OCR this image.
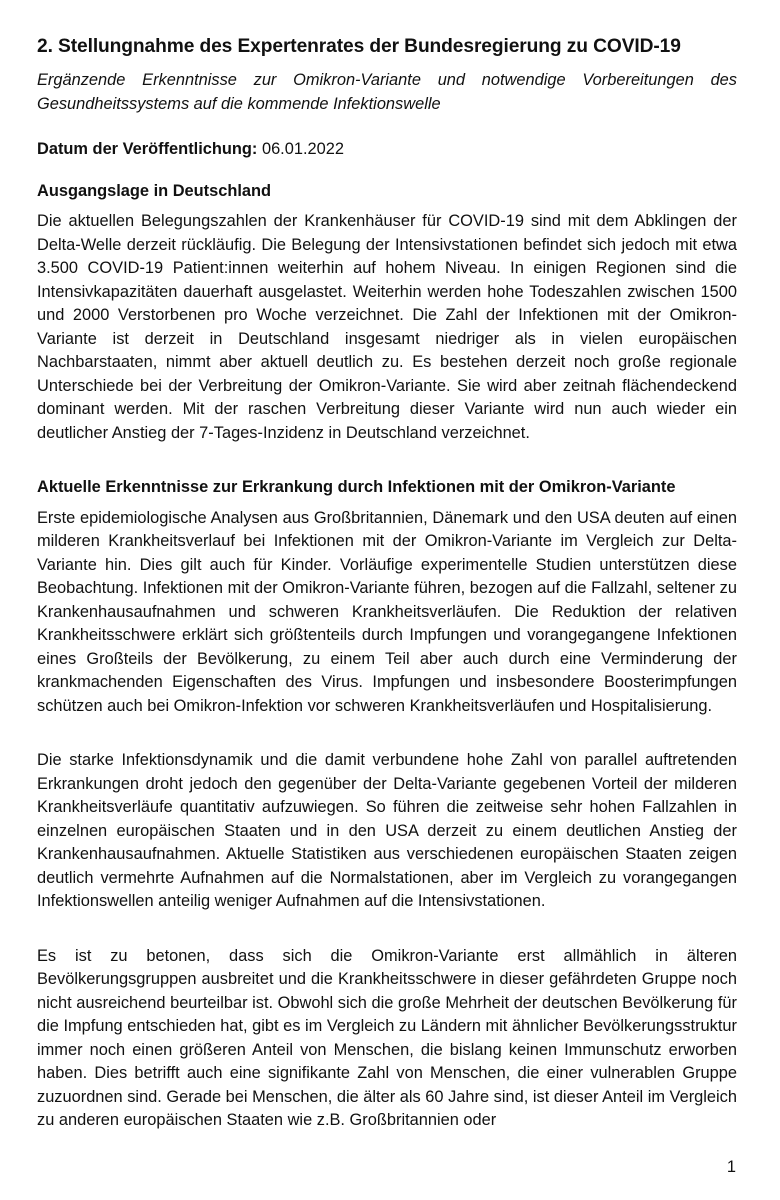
2. Stellungnahme des Expertenrates der Bundesregierung zu COVID-19
Ergänzende Erkenntnisse zur Omikron-Variante und notwendige Vorbereitungen des Gesundheitssystems auf die kommende Infektionswelle
Datum der Veröffentlichung: 06.01.2022
Ausgangslage in Deutschland

Die aktuellen Belegungszahlen der Krankenhäuser für COVID-19 sind mit dem Abklingen der Delta-Welle derzeit rückläufig. Die Belegung der Intensivstationen befindet sich jedoch mit etwa 3.500 COVID-19 Patient:innen weiterhin auf hohem Niveau. In einigen Regionen sind die Intensivkapazitäten dauerhaft ausgelastet. Weiterhin werden hohe Todeszahlen zwischen 1500 und 2000 Verstorbenen pro Woche verzeichnet. Die Zahl der Infektionen mit der Omikron-Variante ist derzeit in Deutschland insgesamt niedriger als in vielen europäischen Nachbarstaaten, nimmt aber aktuell deutlich zu. Es bestehen derzeit noch große regionale Unterschiede bei der Verbreitung der Omikron-Variante. Sie wird aber zeitnah flächendeckend dominant werden. Mit der raschen Verbreitung dieser Variante wird nun auch wieder ein deutlicher Anstieg der 7-Tages-Inzidenz in Deutschland verzeichnet.

Aktuelle Erkenntnisse zur Erkrankung durch Infektionen mit der Omikron-Variante

Erste epidemiologische Analysen aus Großbritannien, Dänemark und den USA deuten auf einen milderen Krankheitsverlauf bei Infektionen mit der Omikron-Variante im Vergleich zur Delta-Variante hin. Dies gilt auch für Kinder. Vorläufige experimentelle Studien unterstützen diese Beobachtung. Infektionen mit der Omikron-Variante führen, bezogen auf die Fallzahl, seltener zu Krankenhausaufnahmen und schweren Krankheitsverläufen. Die Reduktion der relativen Krankheitsschwere erklärt sich größtenteils durch Impfungen und vorangegangene Infektionen eines Großteils der Bevölkerung, zu einem Teil aber auch durch eine Verminderung der krankmachenden Eigenschaften des Virus. Impfungen und insbesondere Boosterimpfungen schützen auch bei Omikron-Infektion vor schweren Krankheitsverläufen und Hospitalisierung.

Die starke Infektionsdynamik und die damit verbundene hohe Zahl von parallel auftretenden Erkrankungen droht jedoch den gegenüber der Delta-Variante gegebenen Vorteil der milderen Krankheitsverläufe quantitativ aufzuwiegen. So führen die zeitweise sehr hohen Fallzahlen in einzelnen europäischen Staaten und in den USA derzeit zu einem deutlichen Anstieg der Krankenhausaufnahmen. Aktuelle Statistiken aus verschiedenen europäischen Staaten zeigen deutlich vermehrte Aufnahmen auf die Normalstationen, aber im Vergleich zu vorangegangen Infektionswellen anteilig weniger Aufnahmen auf die Intensivstationen.

Es ist zu betonen, dass sich die Omikron-Variante erst allmählich in älteren Bevölkerungsgruppen ausbreitet und die Krankheitsschwere in dieser gefährdeten Gruppe noch nicht ausreichend beurteilbar ist. Obwohl sich die große Mehrheit der deutschen Bevölkerung für die Impfung entschieden hat, gibt es im Vergleich zu Ländern mit ähnlicher Bevölkerungsstruktur immer noch einen größeren Anteil von Menschen, die bislang keinen Immunschutz erworben haben. Dies betrifft auch eine signifikante Zahl von Menschen, die einer vulnerablen Gruppe zuzuordnen sind. Gerade bei Menschen, die älter als 60 Jahre sind, ist dieser Anteil im Vergleich zu anderen europäischen Staaten wie z.B. Großbritannien oder

1
